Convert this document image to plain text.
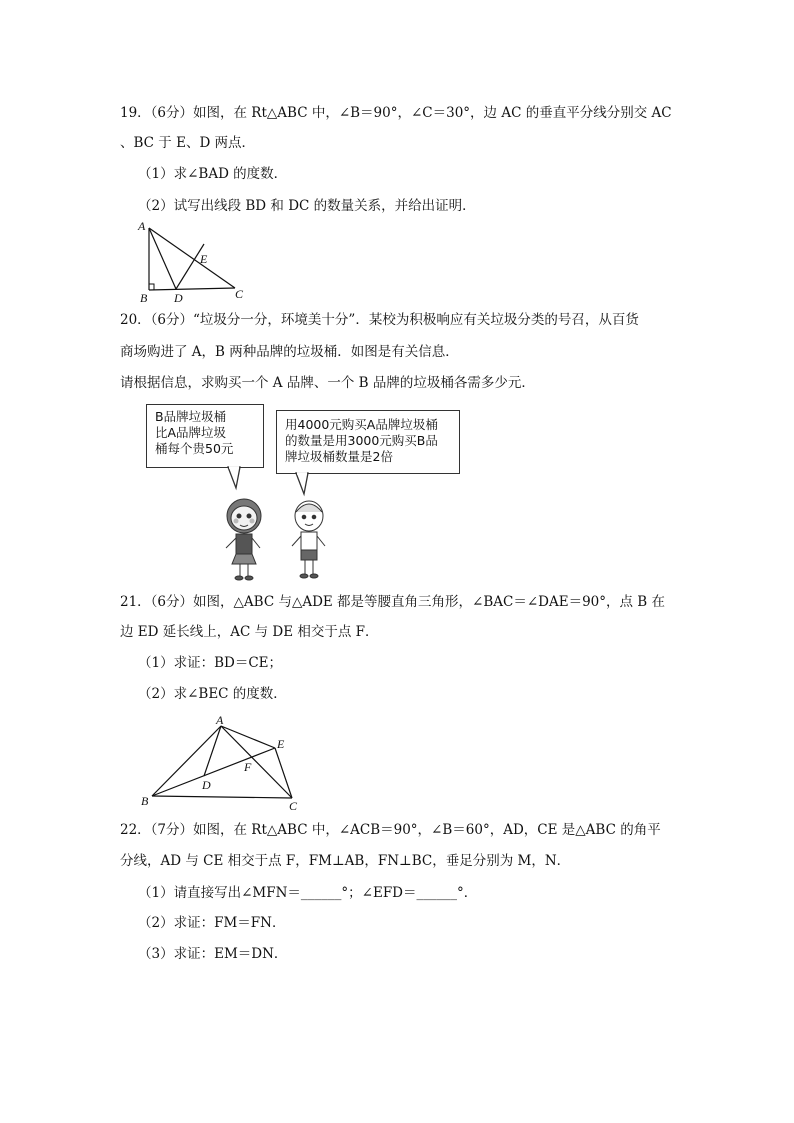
19．（6分）如图，在 Rt△ABC 中，∠B＝90°，∠C＝30°，边 AC 的垂直平分线分别交 AC
、BC 于 E、D 两点．
（1）求∠BAD 的度数．
（2）试写出线段 BD 和 DC 的数量关系，并给出证明．
A
B	C
D
E
20．（6分）“垃圾分一分，环境美十分”．某校为积极响应有关垃圾分类的号召，从百货
商场购进了 A，B 两种品牌的垃圾桶．如图是有关信息．
请根据信息，求购买一个 A 品牌、一个 B 品牌的垃圾桶各需多少元．
B品牌垃圾桶
比A品牌垃圾
桶每个贵50元
用4000元购买A品牌垃圾桶
的数量是用3000元购买B品
牌垃圾桶数量是2倍
21．（6分）如图，△ABC 与△ADE 都是等腰直角三角形，∠BAC＝∠DAE＝90°，点 B 在
边 ED 延长线上，AC 与 DE 相交于点 F．
（1）求证：BD＝CE；
（2）求∠BEC 的度数．
A
B	C
D
E
F
22．（7分）如图，在 Rt△ABC 中，∠ACB＝90°，∠B＝60°，AD，CE 是△ABC 的角平
分线，AD 与 CE 相交于点 F，FM⊥AB，FN⊥BC，垂足分别为 M，N．
（1）请直接写出∠MFN＝______°；∠EFD＝______°．
（2）求证：FM＝FN．
（3）求证：EM＝DN．
